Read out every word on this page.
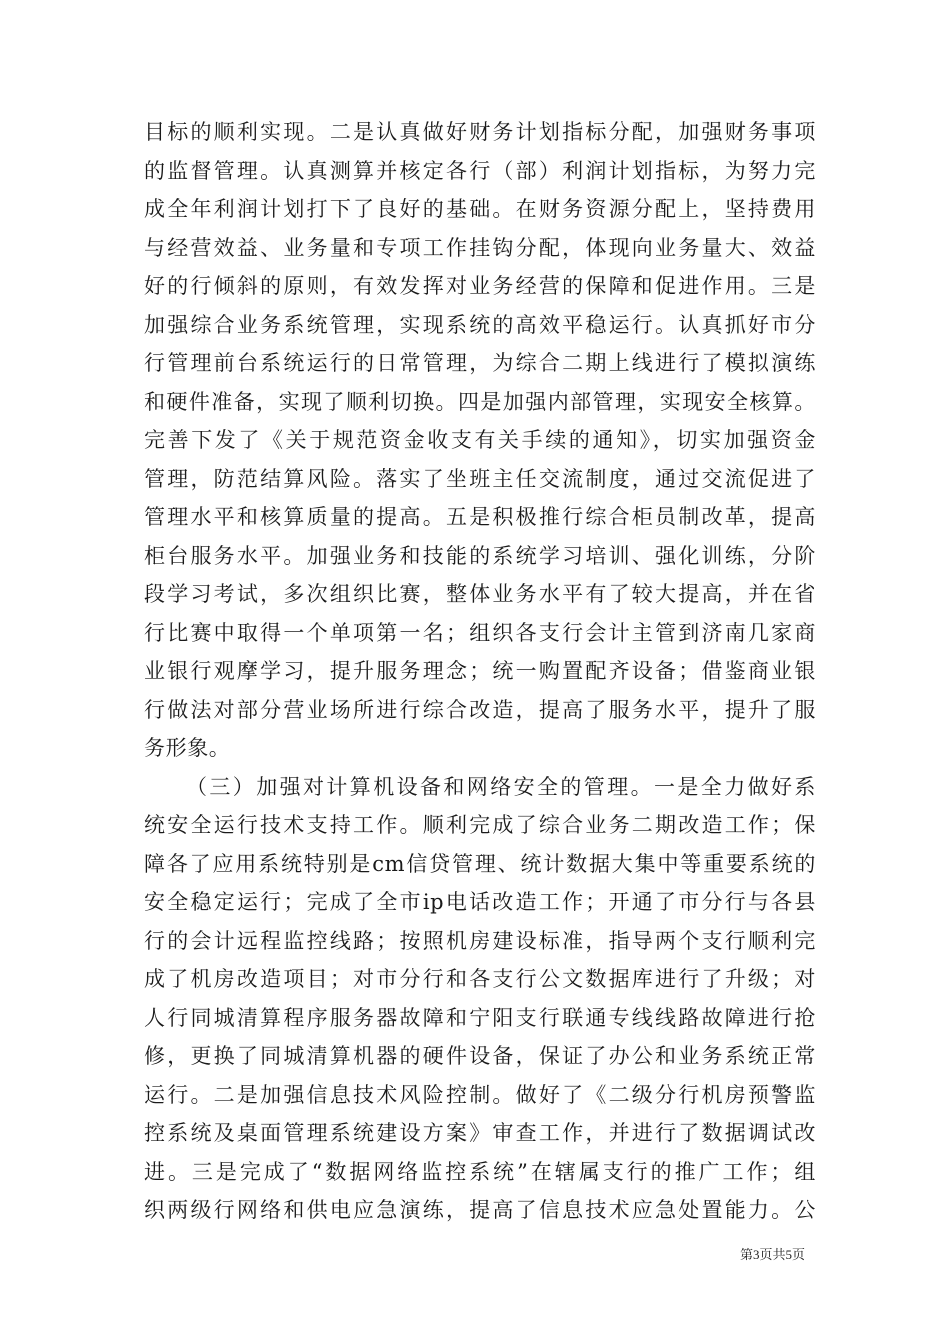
目标的顺利实现。二是认真做好财务计划指标分配，加强财务事项
的监督管理。认真测算并核定各行（部）利润计划指标，为努力完
成全年利润计划打下了良好的基础。在财务资源分配上，坚持费用
与经营效益、业务量和专项工作挂钩分配，体现向业务量大、效益
好的行倾斜的原则，有效发挥对业务经营的保障和促进作用。三是
加强综合业务系统管理，实现系统的高效平稳运行。认真抓好市分
行管理前台系统运行的日常管理，为综合二期上线进行了模拟演练
和硬件准备，实现了顺利切换。四是加强内部管理，实现安全核算。
完善下发了《关于规范资金收支有关手续的通知》，切实加强资金
管理，防范结算风险。落实了坐班主任交流制度，通过交流促进了
管理水平和核算质量的提高。五是积极推行综合柜员制改革，提高
柜台服务水平。加强业务和技能的系统学习培训、强化训练，分阶
段学习考试，多次组织比赛，整体业务水平有了较大提高，并在省
行比赛中取得一个单项第一名；组织各支行会计主管到济南几家商
业银行观摩学习，提升服务理念；统一购置配齐设备；借鉴商业银
行做法对部分营业场所进行综合改造，提高了服务水平，提升了服
务形象。
（三）加强对计算机设备和网络安全的管理。一是全力做好系
统安全运行技术支持工作。顺利完成了综合业务二期改造工作；保
障各了应用系统特别是cm信贷管理、统计数据大集中等重要系统的
安全稳定运行；完成了全市ip电话改造工作；开通了市分行与各县
行的会计远程监控线路；按照机房建设标准，指导两个支行顺利完
成了机房改造项目；对市分行和各支行公文数据库进行了升级；对
人行同城清算程序服务器故障和宁阳支行联通专线线路故障进行抢
修，更换了同城清算机器的硬件设备，保证了办公和业务系统正常
运行。二是加强信息技术风险控制。做好了《二级分行机房预警监
控系统及桌面管理系统建设方案》审查工作，并进行了数据调试改
进。三是完成了“数据网络监控系统”在辖属支行的推广工作；组
织两级行网络和供电应急演练，提高了信息技术应急处置能力。公
第3页共5页
